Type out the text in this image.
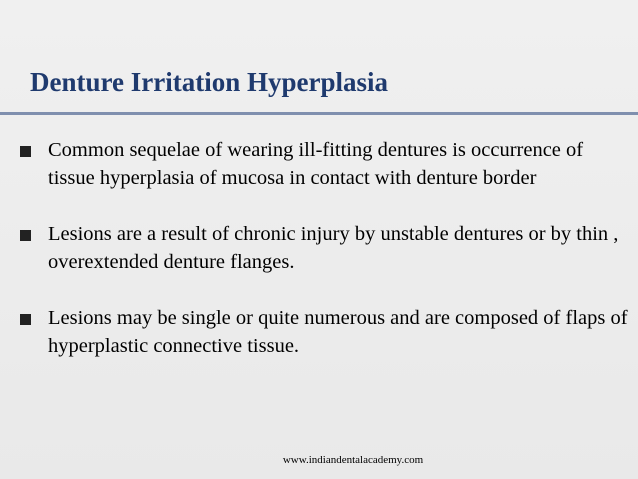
Denture Irritation Hyperplasia
Common sequelae of wearing ill-fitting dentures is occurrence of tissue hyperplasia of mucosa in contact with denture border
Lesions are a result of chronic injury by unstable dentures or by thin , overextended denture flanges.
Lesions may be single or quite numerous and are composed of flaps of hyperplastic connective tissue.
www.indiandentalacademy.com
